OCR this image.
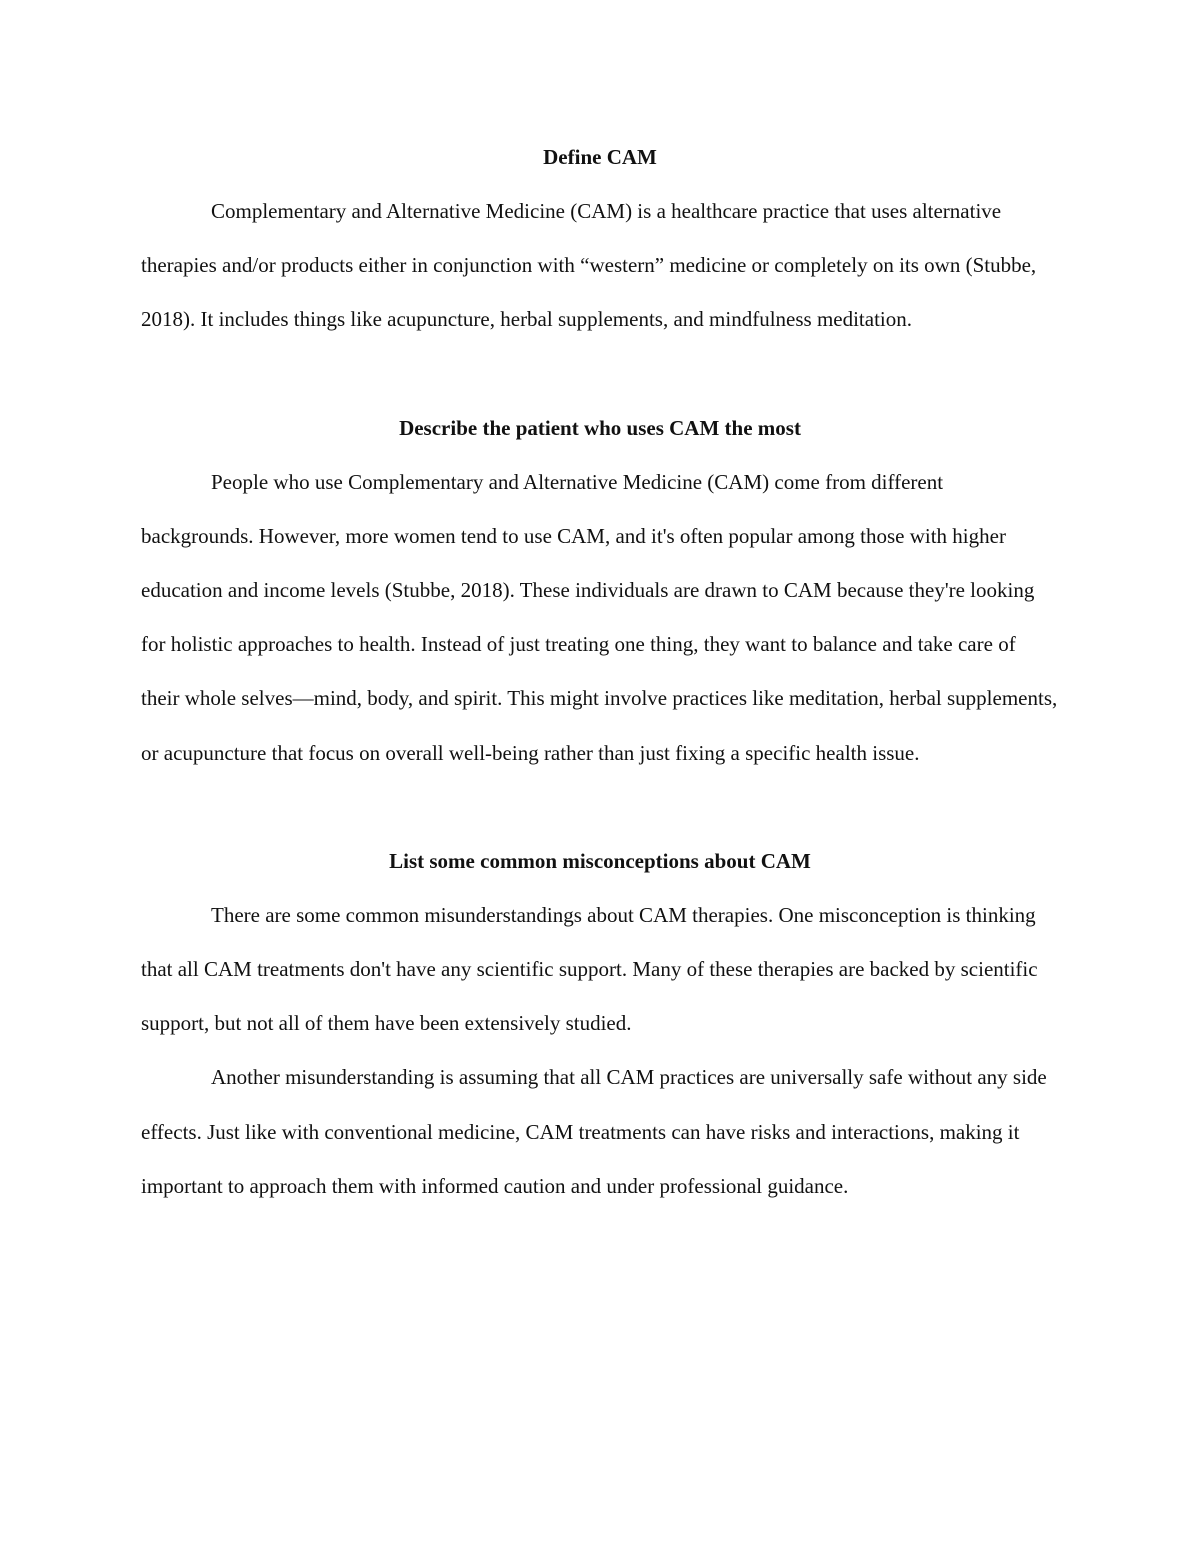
Define CAM

Complementary and Alternative Medicine (CAM) is a healthcare practice that uses alternative therapies and/or products either in conjunction with “western” medicine or completely on its own (Stubbe, 2018). It includes things like acupuncture, herbal supplements, and mindfulness meditation.

Describe the patient who uses CAM the most

People who use Complementary and Alternative Medicine (CAM) come from different backgrounds. However, more women tend to use CAM, and it's often popular among those with higher education and income levels (Stubbe, 2018). These individuals are drawn to CAM because they're looking for holistic approaches to health. Instead of just treating one thing, they want to balance and take care of their whole selves—mind, body, and spirit. This might involve practices like meditation, herbal supplements, or acupuncture that focus on overall well-being rather than just fixing a specific health issue.

List some common misconceptions about CAM

There are some common misunderstandings about CAM therapies. One misconception is thinking that all CAM treatments don't have any scientific support. Many of these therapies are backed by scientific support, but not all of them have been extensively studied.

Another misunderstanding is assuming that all CAM practices are universally safe without any side effects. Just like with conventional medicine, CAM treatments can have risks and interactions, making it important to approach them with informed caution and under professional guidance.
